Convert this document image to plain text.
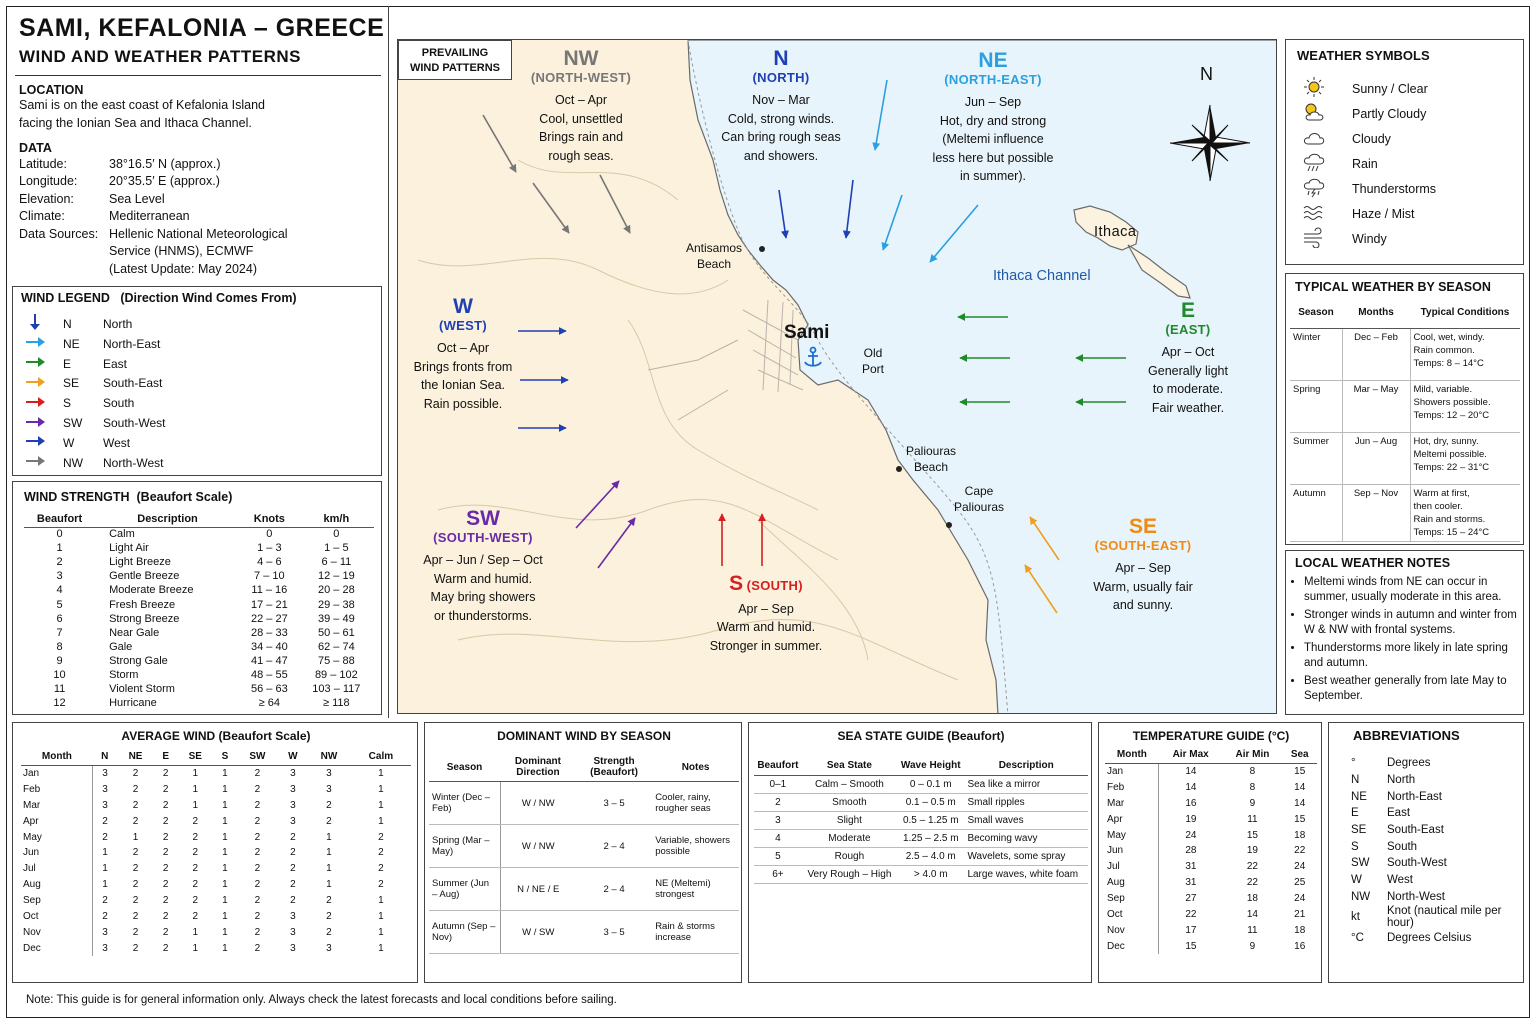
SAMI, KEFALONIA – GREECE
WIND AND WEATHER PATTERNS
LOCATION
Sami is on the east coast of Kefalonia Island
facing the Ionian Sea and Ithaca Channel.
DATA
Latitude:	38°16.5′ N (approx.)
Longitude:	20°35.5′ E (approx.)
Elevation:	Sea Level
Climate:	Mediterranean
Data Sources:	Hellenic National Meteorological
	Service (HNMS), ECMWF
	(Latest Update: May 2024)
WIND LEGEND (Direction Wind Comes From)
	N	North
	NE	North-East
	E	East
	SE	South-East
	S	South
	SW	South-West
	W	West
	NW	North-West
WIND STRENGTH (Beaufort Scale)
Beaufort	Description	Knots	km/h
0	Calm	0	0
1	Light Air	1 – 3	1 – 5
2	Light Breeze	4 – 6	6 – 11
3	Gentle Breeze	7 – 10	12 – 19
4	Moderate Breeze	11 – 16	20 – 28
5	Fresh Breeze	17 – 21	29 – 38
6	Strong Breeze	22 – 27	39 – 49
7	Near Gale	28 – 33	50 – 61
8	Gale	34 – 40	62 – 74
9	Strong Gale	41 – 47	75 – 88
10	Storm	48 – 55	89 – 102
11	Violent Storm	56 – 63	103 – 117
12	Hurricane	≥ 64	≥ 118
PREVAILING
WIND PATTERNS	N
Sami
Ithaca
Ithaca Channel
Antisamos
Beach
Old
Port
Paliouras
Beach
Cape
Paliouras
NW
(NORTH-WEST)
Oct – Apr
Cool, unsettled
Brings rain and
rough seas.
N
(NORTH)
Nov – Mar
Cold, strong winds.
Can bring rough seas
and showers.
NE
(NORTH-EAST)
Jun – Sep
Hot, dry and strong
(Meltemi influence
less here but possible
in summer).
W
(WEST)
Oct – Apr
Brings fronts from
the Ionian Sea.
Rain possible.
E
(EAST)
Apr – Oct
Generally light
to moderate.
Fair weather.
SW
(SOUTH-WEST)
Apr – Jun / Sep – Oct
Warm and humid.
May bring showers
or thunderstorms.
S (SOUTH)
Apr – Sep
Warm and humid.
Stronger in summer.
SE
(SOUTH-EAST)
Apr – Sep
Warm, usually fair
and sunny.
WEATHER SYMBOLS
	Sunny / Clear
	Partly Cloudy
	Cloudy
	Rain
	Thunderstorms
	Haze / Mist
	Windy
TYPICAL WEATHER BY SEASON
Season	Months	Typical Conditions
Winter	Dec – Feb	Cool, wet, windy.
Rain common.
Temps: 8 – 14°C

Spring	Mar – May	Mild, variable.
Showers possible.
Temps: 12 – 20°C

Summer	Jun – Aug	Hot, dry, sunny.
Meltemi possible.
Temps: 22 – 31°C

Autumn	Sep – Nov	Warm at first,
then cooler.
Rain and storms.
Temps: 15 – 24°C
LOCAL WEATHER NOTES
• Meltemi winds from NE can occur in summer, usually moderate in this area.
• Stronger winds in autumn and winter from W & NW with frontal systems.
• Thunderstorms more likely in late spring and autumn.
• Best weather generally from late May to September.
AVERAGE WIND (Beaufort Scale)
Month	N	NE	E	SE	S	SW	W	NW	Calm
Jan	3	2	2	1	1	2	3	3	1
Feb	3	2	2	1	1	2	3	3	1
Mar	3	2	2	1	1	2	3	2	1
Apr	2	2	2	2	1	2	3	2	1
May	2	1	2	2	1	2	2	1	2
Jun	1	2	2	2	1	2	2	1	2
Jul	1	2	2	2	1	2	2	1	2
Aug	1	2	2	2	1	2	2	1	2
Sep	2	2	2	2	1	2	2	2	1
Oct	2	2	2	2	1	2	3	2	1
Nov	3	2	2	1	1	2	3	2	1
Dec	3	2	2	1	1	2	3	3	1
DOMINANT WIND BY SEASON
Season	Dominant Direction	Strength (Beaufort)	Notes
Winter (Dec – Feb)	W / NW	3 – 5	Cooler, rainy, rougher seas
Spring (Mar – May)	W / NW	2 – 4	Variable, showers possible
Summer (Jun – Aug)	N / NE / E	2 – 4	NE (Meltemi) strongest
Autumn (Sep – Nov)	W / SW	3 – 5	Rain & storms increase
SEA STATE GUIDE (Beaufort)
Beaufort	Sea State	Wave Height	Description
0–1	Calm – Smooth	0 – 0.1 m	Sea like a mirror
2	Smooth	0.1 – 0.5 m	Small ripples
3	Slight	0.5 – 1.25 m	Small waves
4	Moderate	1.25 – 2.5 m	Becoming wavy
5	Rough	2.5 – 4.0 m	Wavelets, some spray
6+	Very Rough – High	> 4.0 m	Large waves, white foam
TEMPERATURE GUIDE (°C)
Month	Air Max	Air Min	Sea
Jan	14	8	15
Feb	14	8	14
Mar	16	9	14
Apr	19	11	15
May	24	15	18
Jun	28	19	22
Jul	31	22	24
Aug	31	22	25
Sep	27	18	24
Oct	22	14	21
Nov	17	11	18
Dec	15	9	16
ABBREVIATIONS
°	Degrees
N	North
NE	North-East
E	East
SE	South-East
S	South
SW	South-West
W	West
NW	North-West
kt	Knot (nautical mile per hour)
°C	Degrees Celsius
Note: This guide is for general information only. Always check the latest forecasts and local conditions before sailing.
